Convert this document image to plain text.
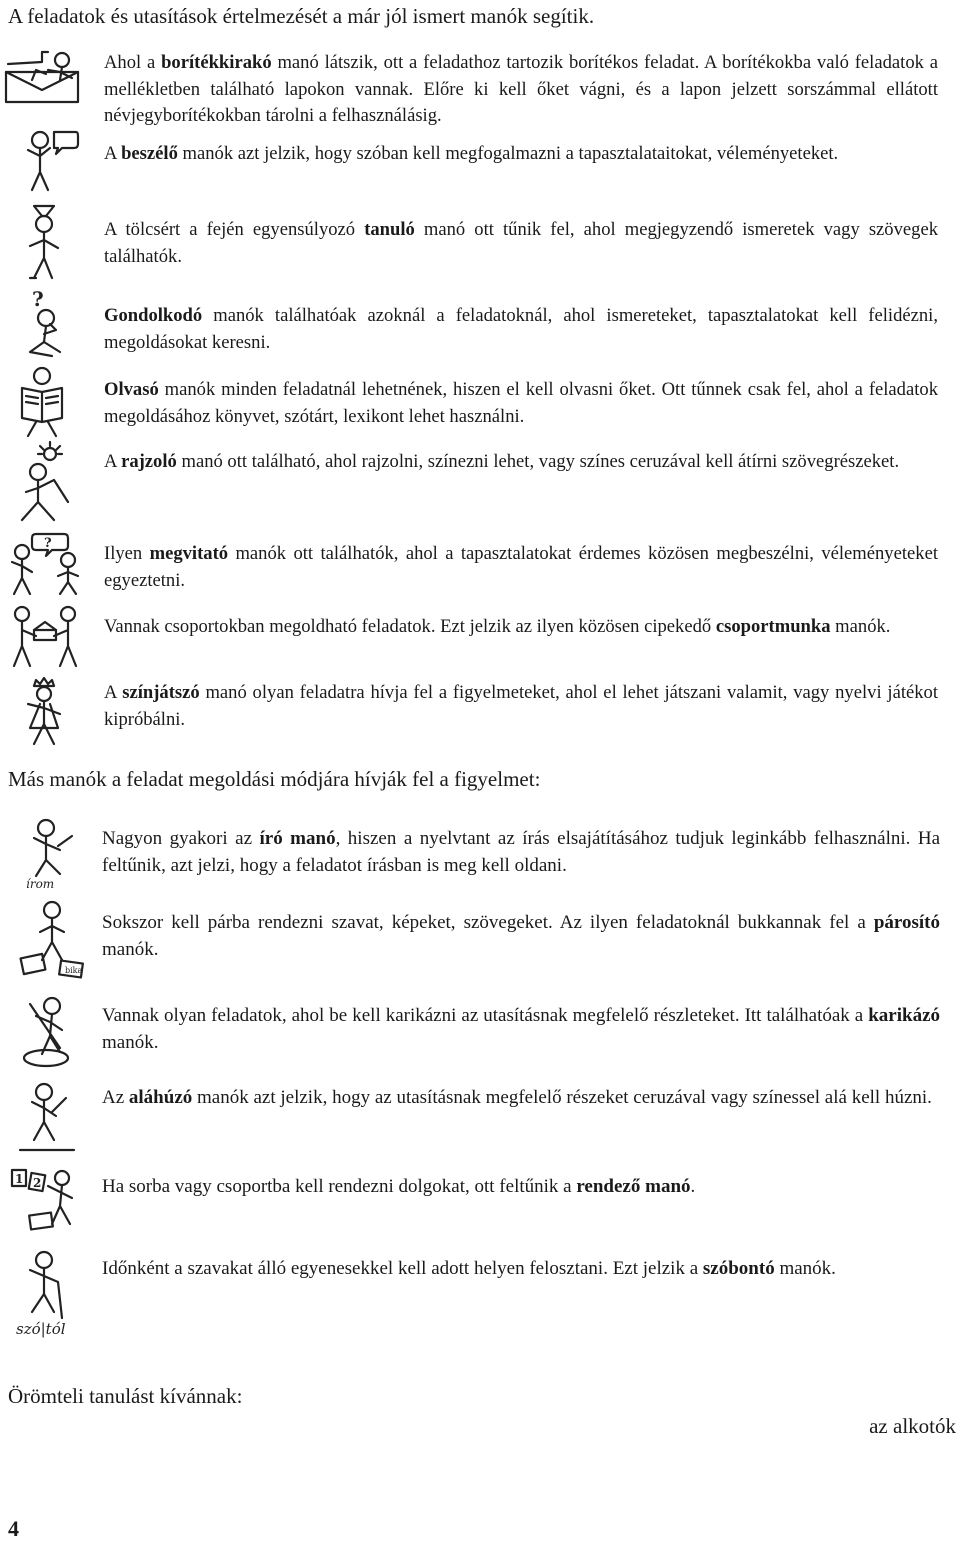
A feladatok és utasítások értelmezését a már jól ismert manók segítik.
?
?
Ahol a borítékkirakó manó látszik, ott a feladathoz tartozik borítékos feladat. A borítékokba való feladatok a mellékletben található lapokon vannak. Előre ki kell őket vágni, és a lapon jelzett sorszámmal ellátott névjegyborítékokban tárolni a felhasználásig.
A beszélő manók azt jelzik, hogy szóban kell megfogalmazni a tapasztalataitokat, véleményeteket.
A tölcsért a fején egyensúlyozó tanuló manó ott tűnik fel, ahol megjegyzendő ismeretek vagy szövegek találhatók.
Gondolkodó manók találhatóak azoknál a feladatoknál, ahol ismereteket, tapasztalatokat kell felidézni, megoldásokat keresni.
Olvasó manók minden feladatnál lehetnének, hiszen el kell olvasni őket. Ott tűnnek csak fel, ahol a feladatok megoldásához könyvet, szótárt, lexikont lehet használni.
A rajzoló manó ott található, ahol rajzolni, színezni lehet, vagy színes ceruzával kell átírni szövegrészeket.
Ilyen megvitató manók ott találhatók, ahol a tapasztalatokat érdemes közösen megbeszélni, véleményeteket egyeztetni.
Vannak csoportokban megoldható feladatok. Ezt jelzik az ilyen közösen cipekedő csoportmunka manók.
A színjátszó manó olyan feladatra hívja fel a figyelmeteket, ahol el lehet játszani valamit, vagy nyelvi játékot kipróbálni.
Más manók a feladat megoldási módjára hívják fel a figyelmet:
írom
bika
1 2
szó|tól
Nagyon gyakori az író manó, hiszen a nyelvtant az írás elsajátításához tudjuk leginkább felhasználni. Ha feltűnik, azt jelzi, hogy a feladatot írásban is meg kell oldani.
Sokszor kell párba rendezni szavat, képeket, szövegeket. Az ilyen feladatoknál bukkannak fel a párosító manók.
Vannak olyan feladatok, ahol be kell karikázni az utasításnak megfelelő részleteket. Itt találhatóak a karikázó manók.
Az aláhúzó manók azt jelzik, hogy az utasításnak megfelelő részeket ceruzával vagy színessel alá kell húzni.
Ha sorba vagy csoportba kell rendezni dolgokat, ott feltűnik a rendező manó.
Időnként a szavakat álló egyenesekkel kell adott helyen felosztani. Ezt jelzik a szóbontó manók.
Örömteli tanulást kívánnak:
az alkotók
4
